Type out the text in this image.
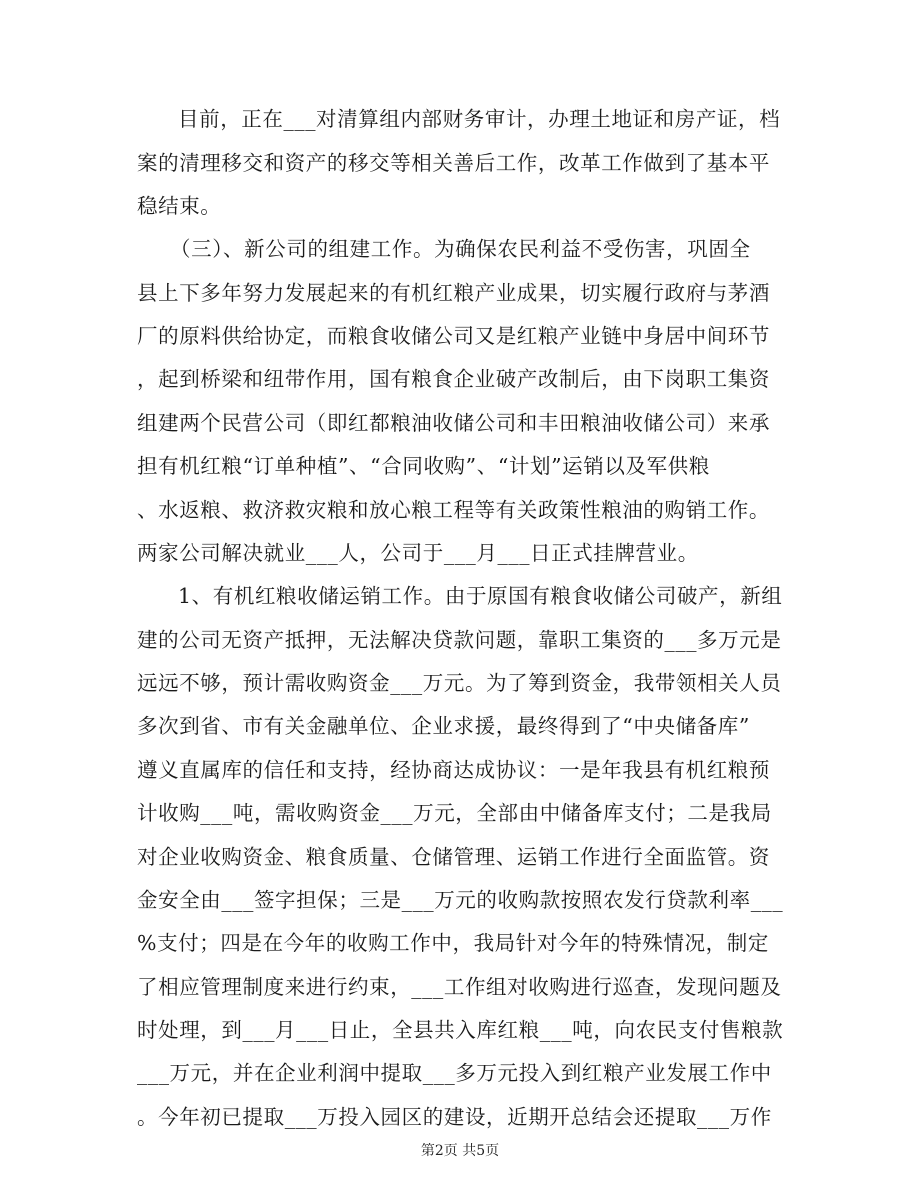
目前，正在___对清算组内部财务审计，办理土地证和房产证，档
案的清理移交和资产的移交等相关善后工作，改革工作做到了基本平
稳结束。
（三）、新公司的组建工作。为确保农民利益不受伤害，巩固全
县上下多年努力发展起来的有机红粮产业成果，切实履行政府与茅酒
厂的原料供给协定，而粮食收储公司又是红粮产业链中身居中间环节
，起到桥梁和纽带作用，国有粮食企业破产改制后，由下岗职工集资
组建两个民营公司（即红都粮油收储公司和丰田粮油收储公司）来承
担有机红粮“订单种植”、“合同收购”、“计划”运销以及军供粮
、水返粮、救济救灾粮和放心粮工程等有关政策性粮油的购销工作。
两家公司解决就业___人，公司于___月___日正式挂牌营业。
1、有机红粮收储运销工作。由于原国有粮食收储公司破产，新组
建的公司无资产抵押，无法解决贷款问题，靠职工集资的___多万元是
远远不够，预计需收购资金___万元。为了筹到资金，我带领相关人员
多次到省、市有关金融单位、企业求援，最终得到了“中央储备库”
遵义直属库的信任和支持，经协商达成协议：一是年我县有机红粮预
计收购___吨，需收购资金___万元，全部由中储备库支付；二是我局
对企业收购资金、粮食质量、仓储管理、运销工作进行全面监管。资
金安全由___签字担保；三是___万元的收购款按照农发行贷款利率___
%支付；四是在今年的收购工作中，我局针对今年的特殊情况，制定
了相应管理制度来进行约束，___工作组对收购进行巡查，发现问题及
时处理，到___月___日止，全县共入库红粮___吨，向农民支付售粮款
___万元，并在企业利润中提取___多万元投入到红粮产业发展工作中
。今年初已提取___万投入园区的建设，近期开总结会还提取___万作
第2页 共5页
